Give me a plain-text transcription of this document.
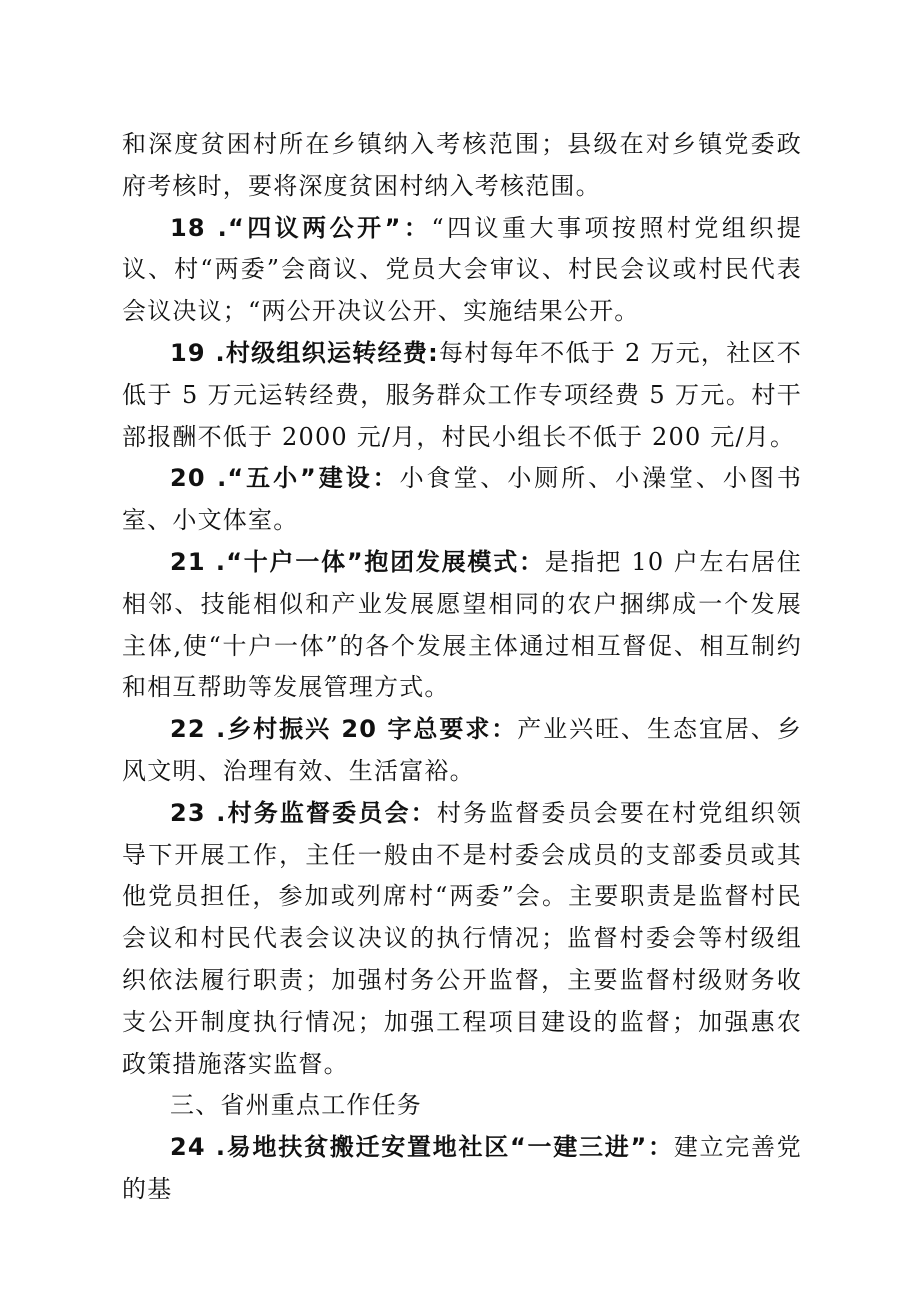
和深度贫困村所在乡镇纳入考核范围；县级在对乡镇党委政府考核时，要将深度贫困村纳入考核范围。

18 .“四议两公开”：“四议重大事项按照村党组织提议、村“两委”会商议、党员大会审议、村民会议或村民代表会议决议；“两公开决议公开、实施结果公开。

19 .村级组织运转经费:每村每年不低于 2 万元，社区不低于 5 万元运转经费，服务群众工作专项经费 5 万元。村干部报酬不低于 2000 元/月，村民小组长不低于 200 元/月。

20 .“五小”建设：小食堂、小厕所、小澡堂、小图书室、小文体室。

21 .“十户一体”抱团发展模式：是指把 10 户左右居住相邻、技能相似和产业发展愿望相同的农户捆绑成一个发展主体,使“十户一体”的各个发展主体通过相互督促、相互制约和相互帮助等发展管理方式。

22 .乡村振兴 20 字总要求：产业兴旺、生态宜居、乡风文明、治理有效、生活富裕。

23 .村务监督委员会：村务监督委员会要在村党组织领导下开展工作，主任一般由不是村委会成员的支部委员或其他党员担任，参加或列席村“两委”会。主要职责是监督村民会议和村民代表会议决议的执行情况；监督村委会等村级组织依法履行职责；加强村务公开监督，主要监督村级财务收支公开制度执行情况；加强工程项目建设的监督；加强惠农政策措施落实监督。

三、省州重点工作任务

24 .易地扶贫搬迁安置地社区“一建三进”：建立完善党的基
